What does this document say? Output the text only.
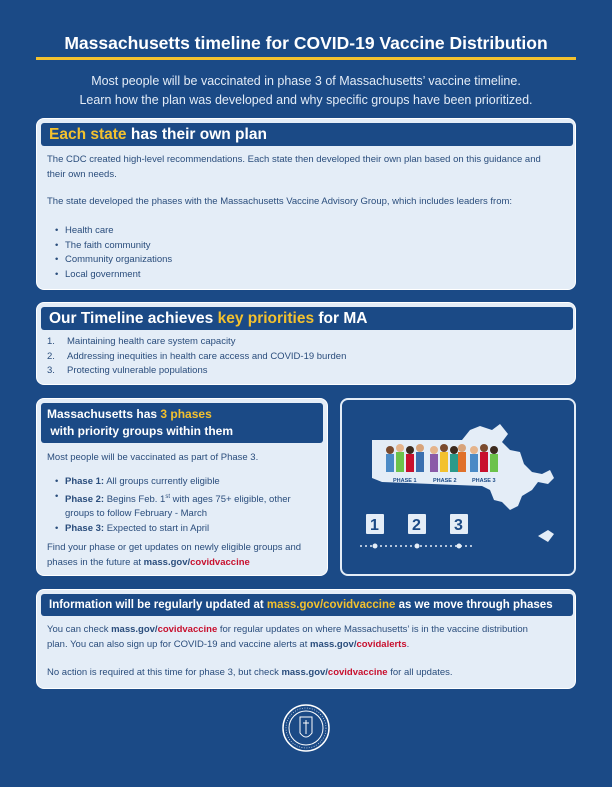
Massachusetts timeline for COVID-19 Vaccine Distribution
Most people will be vaccinated in phase 3 of Massachusetts’ vaccine timeline.
Learn how the plan was developed and why specific groups have been prioritized.
Each state has their own plan
The CDC created high-level recommendations. Each state then developed their own plan based on this guidance and their own needs.
The state developed the phases with the Massachusetts Vaccine Advisory Group, which includes leaders from:
• Health care
• The faith community
• Community organizations
• Local government
Our Timeline achieves key priorities for MA
1. Maintaining health care system capacity
2. Addressing inequities in health care access and COVID-19 burden
3. Protecting vulnerable populations
Massachusetts has 3 phases with priority groups within them
Most people will be vaccinated as part of Phase 3.
• Phase 1: All groups currently eligible
• Phase 2: Begins Feb. 1st with ages 75+ eligible, other groups to follow February - March
• Phase 3: Expected to start in April
Find your phase or get updates on newly eligible groups and phases in the future at mass.gov/covidvaccine
PHASE 1	PHASE 2	PHASE 3
1 2 3
Information will be regularly updated at mass.gov/covidvaccine as we move through phases
You can check mass.gov/covidvaccine for regular updates on where Massachusetts’ is in the vaccine distribution plan. You can also sign up for COVID-19 and vaccine alerts at mass.gov/covidalerts.
No action is required at this time for phase 3, but check mass.gov/covidvaccine for all updates.
